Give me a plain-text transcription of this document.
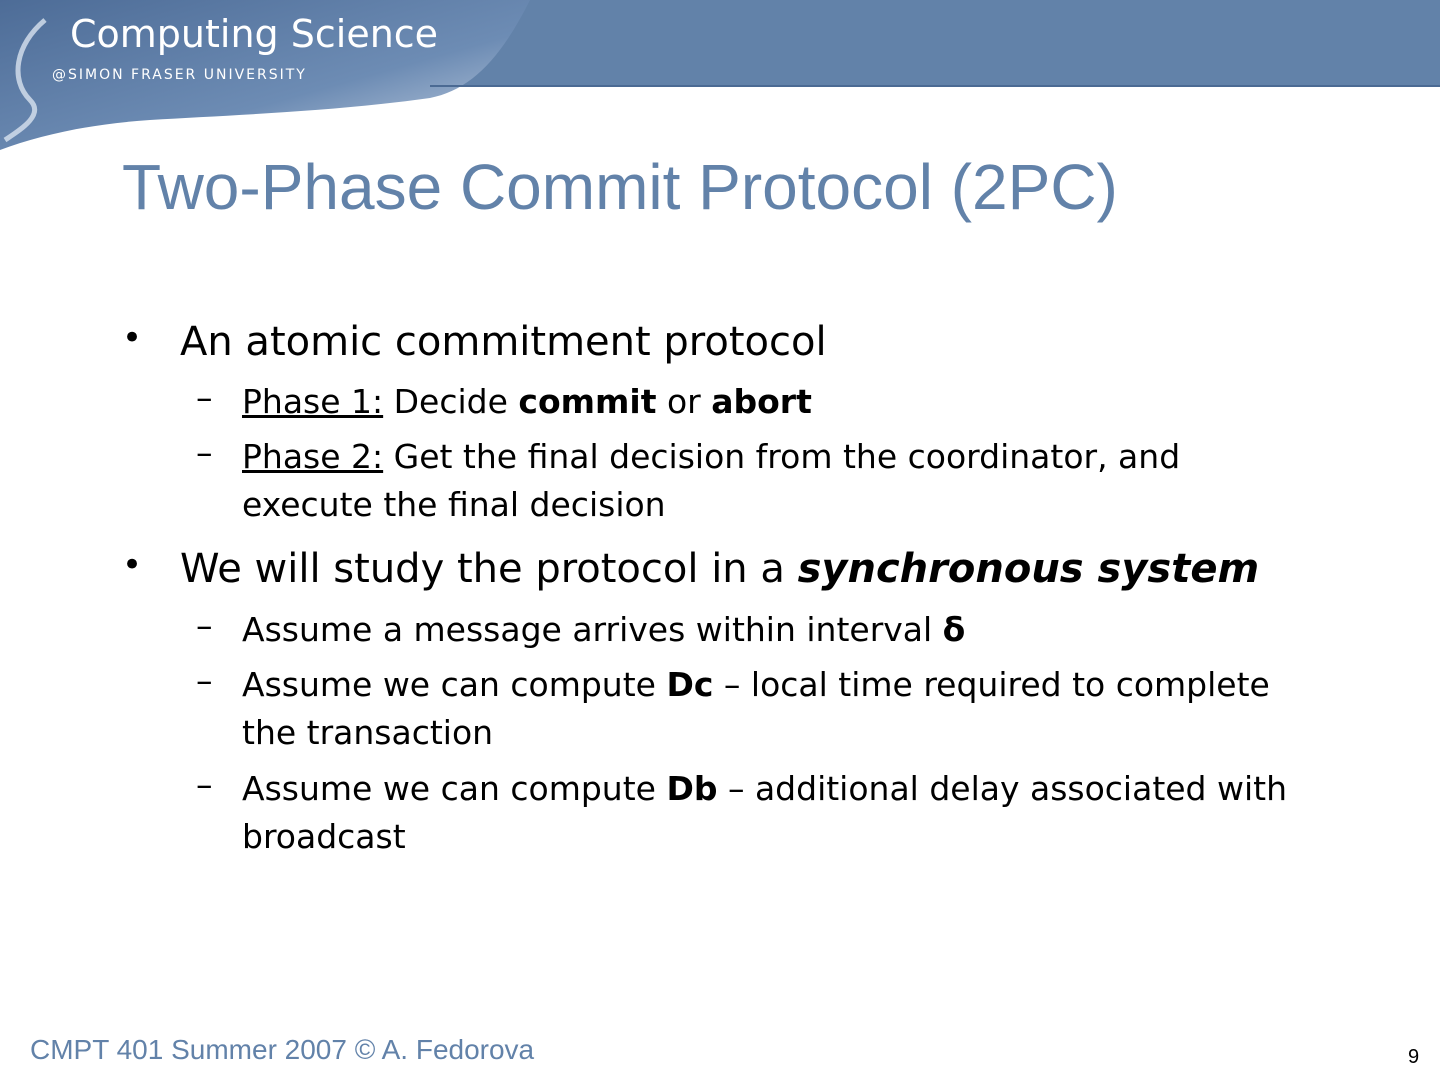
Computing Science
@SIMON FRASER UNIVERSITY
Two-Phase Commit Protocol (2PC)
• An atomic commitment protocol
– Phase 1: Decide commit or abort
– Phase 2: Get the final decision from the coordinator, and execute the final decision
• We will study the protocol in a synchronous system
– Assume a message arrives within interval δ
– Assume we can compute Dc – local time required to complete the transaction
– Assume we can compute Db – additional delay associated with broadcast
CMPT 401 Summer 2007 © A. Fedorova	9
